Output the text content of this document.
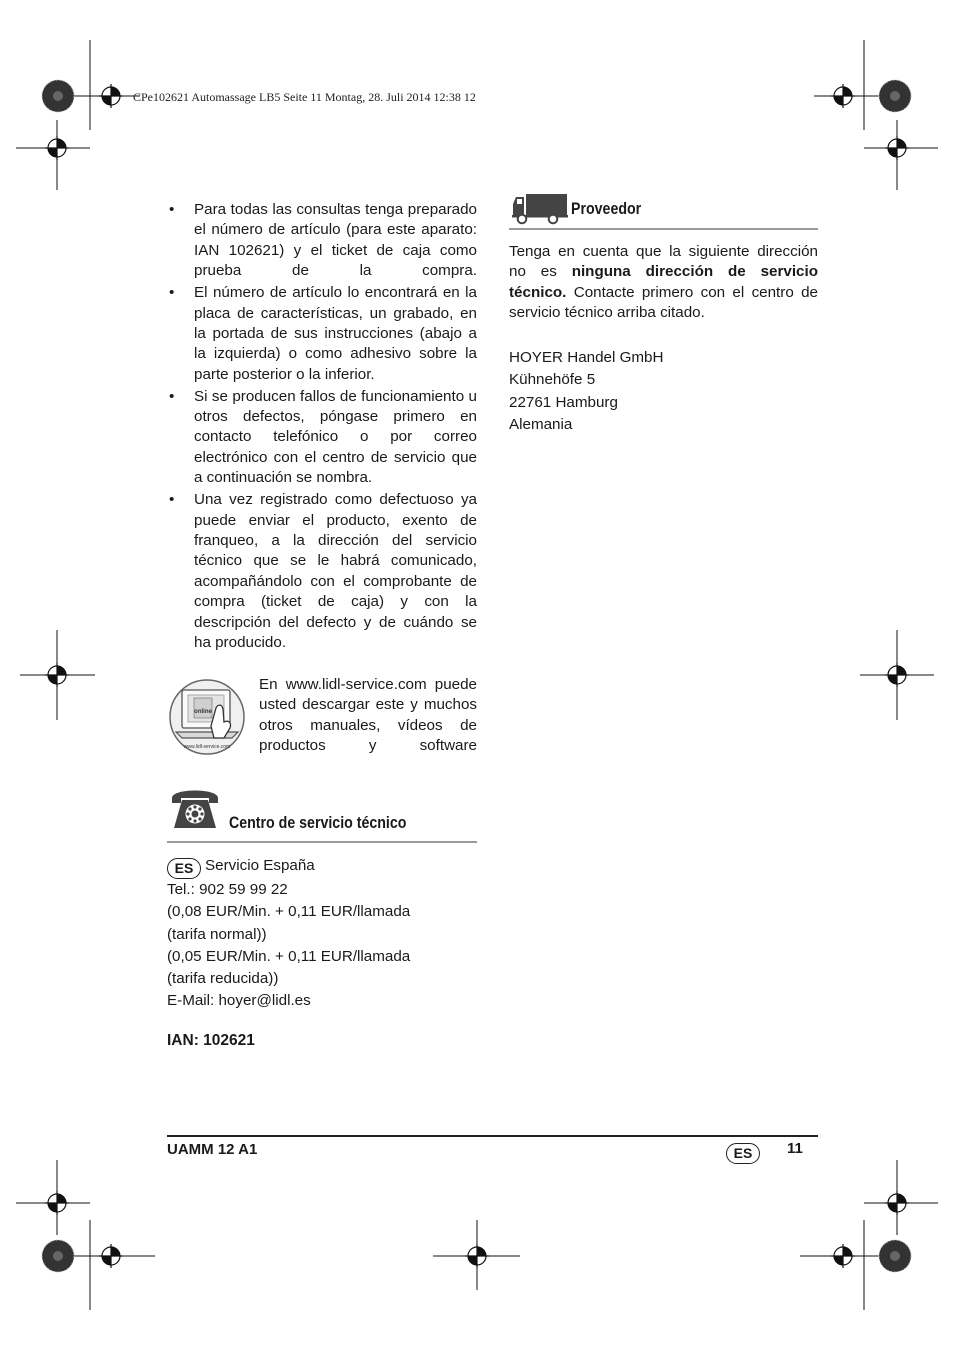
CPe102621 Automassage LB5 Seite 11 Montag, 28. Juli 2014 12:38 12
• Para todas las consultas tenga preparado el número de artículo (para este aparato: IAN 102621) y el ticket de caja como prueba de la compra.
• El número de artículo lo encontrará en la placa de características, un grabado, en la portada de sus instrucciones (abajo a la izquierda) o como adhesivo sobre la parte posterior o la inferior.
• Si se producen fallos de funcionamiento u otros defectos, póngase primero en contacto telefónico o por correo electrónico con el centro de servicio que a continuación se nombra.
• Una vez registrado como defectuoso ya puede enviar el producto, exento de franqueo, a la dirección del servicio técnico que se le habrá comunicado, acompañándolo con el comprobante de compra (ticket de caja) y con la descripción del defecto y de cuándo se ha producido.
online
www.lidl-service.com
En www.lidl-service.com puede usted descargar este y muchos otros manuales, vídeos de productos y software
Centro de servicio técnico
ES Servicio España
Tel.: 902 59 99 22
(0,08 EUR/Min. + 0,11 EUR/llamada
(tarifa normal))
(0,05 EUR/Min. + 0,11 EUR/llamada
(tarifa reducida))
E-Mail: hoyer@lidl.es
IAN: 102621
Proveedor
Tenga en cuenta que la siguiente dirección no es ninguna dirección de servicio técnico. Contacte primero con el centro de servicio técnico arriba citado.
HOYER Handel GmbH
Kühnehöfe 5
22761 Hamburg
Alemania
UAMM 12 A1	ES	11
